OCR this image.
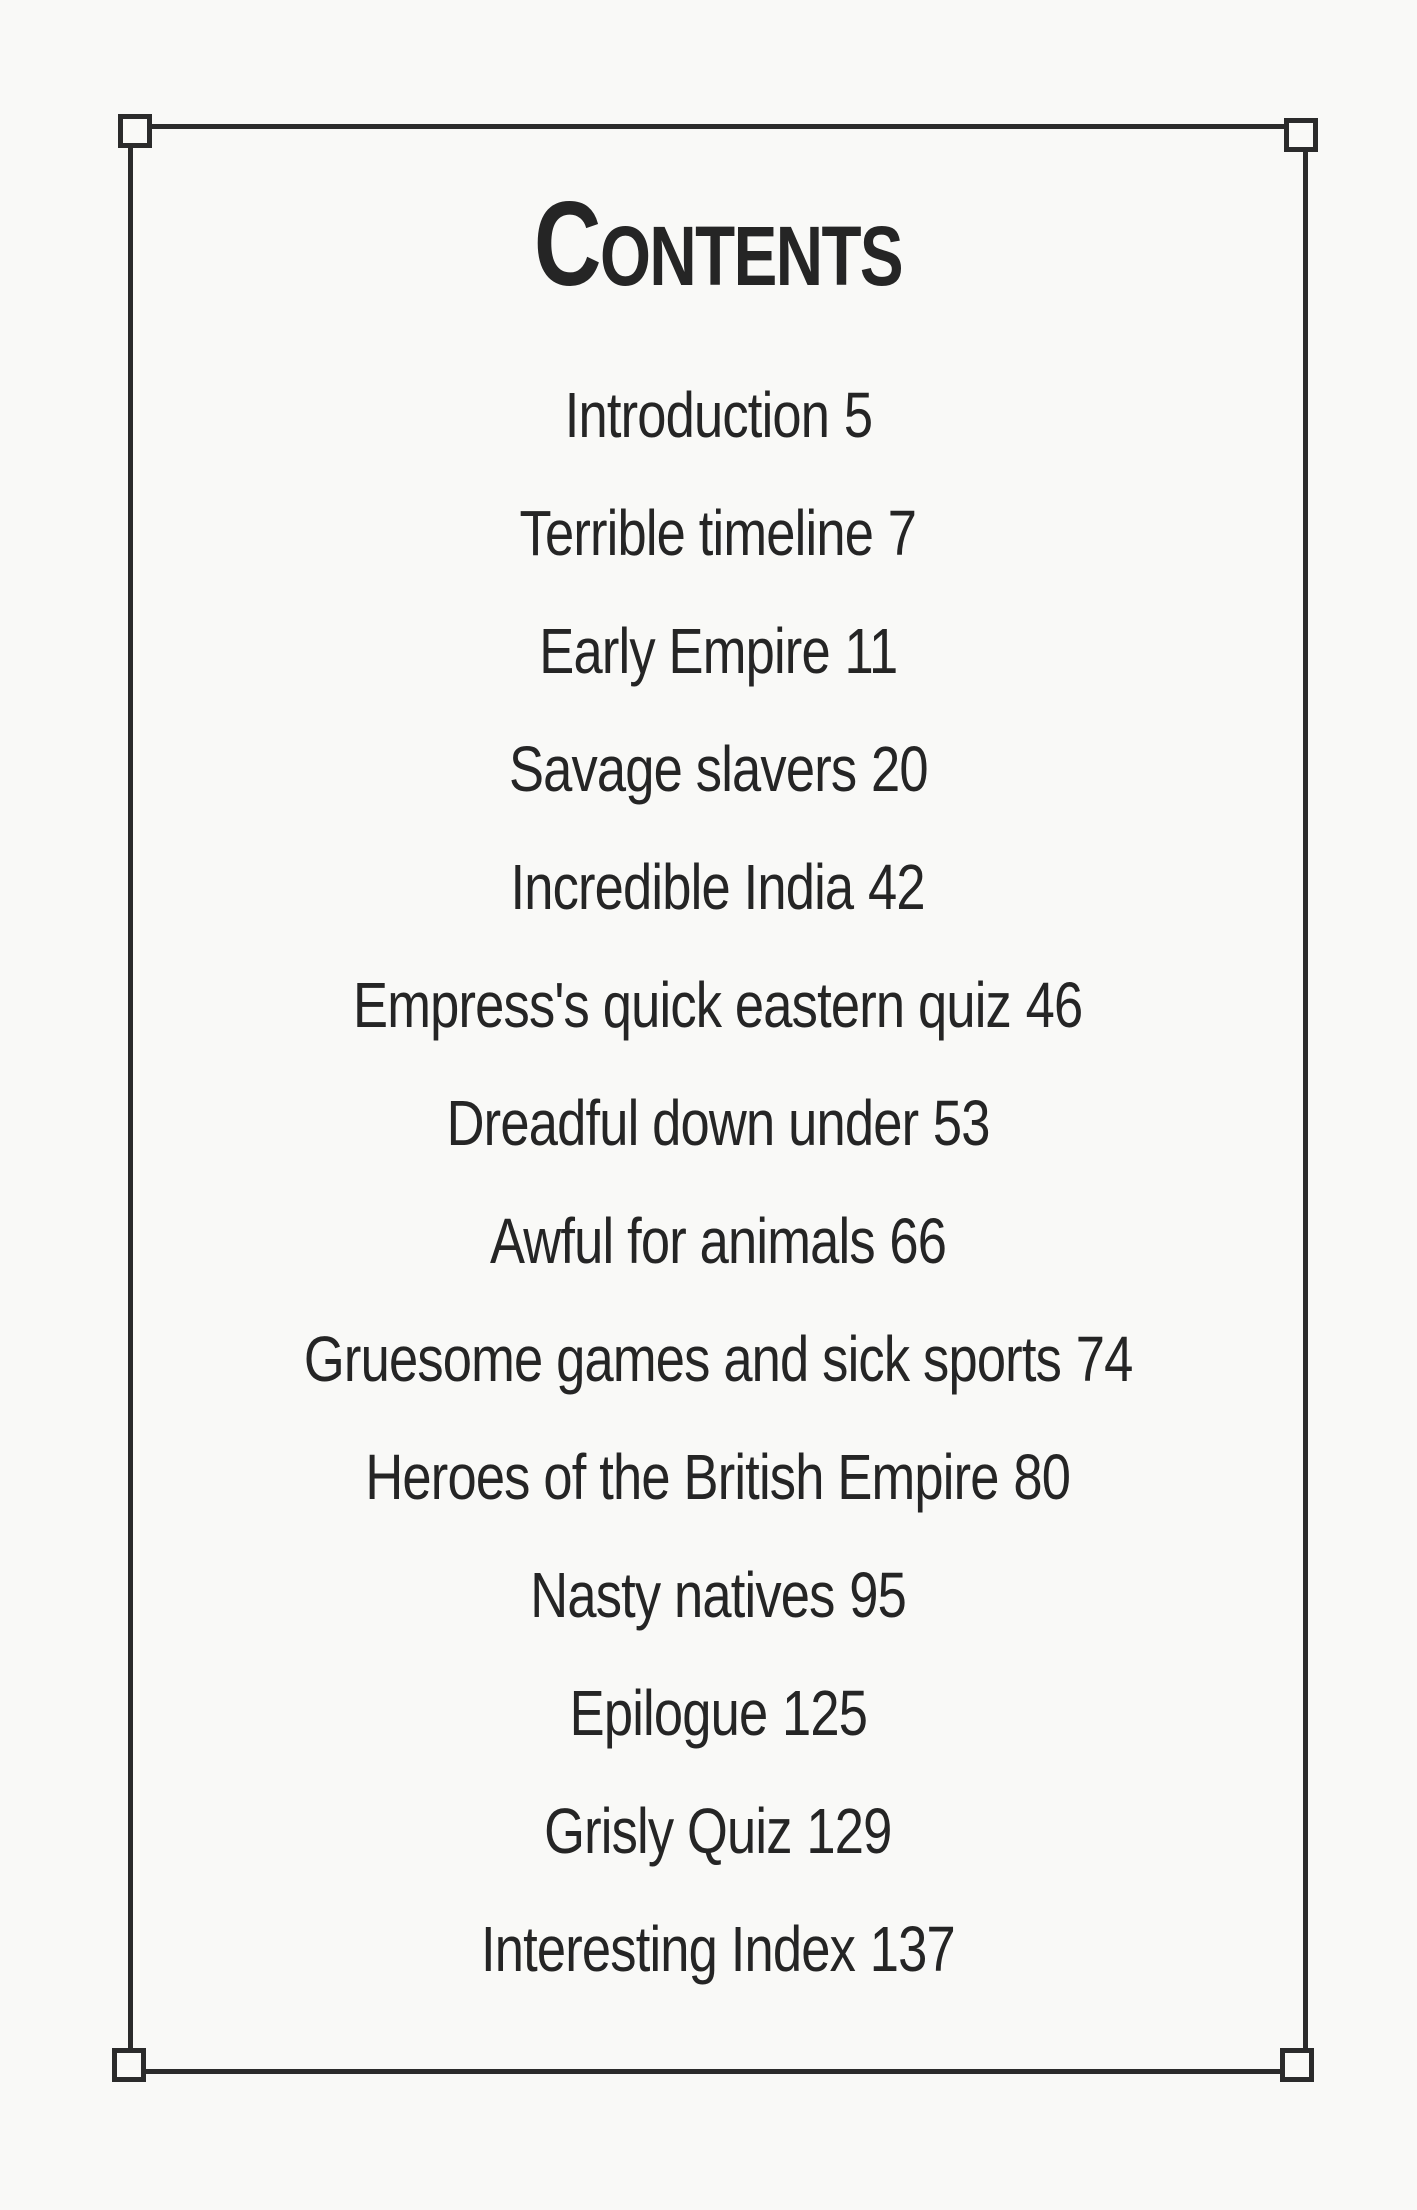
Contents
Introduction 5
Terrible timeline 7
Early Empire 11
Savage slavers 20
Incredible India 42
Empress's quick eastern quiz 46
Dreadful down under 53
Awful for animals 66
Gruesome games and sick sports 74
Heroes of the British Empire 80
Nasty natives 95
Epilogue 125
Grisly Quiz 129
Interesting Index 137
